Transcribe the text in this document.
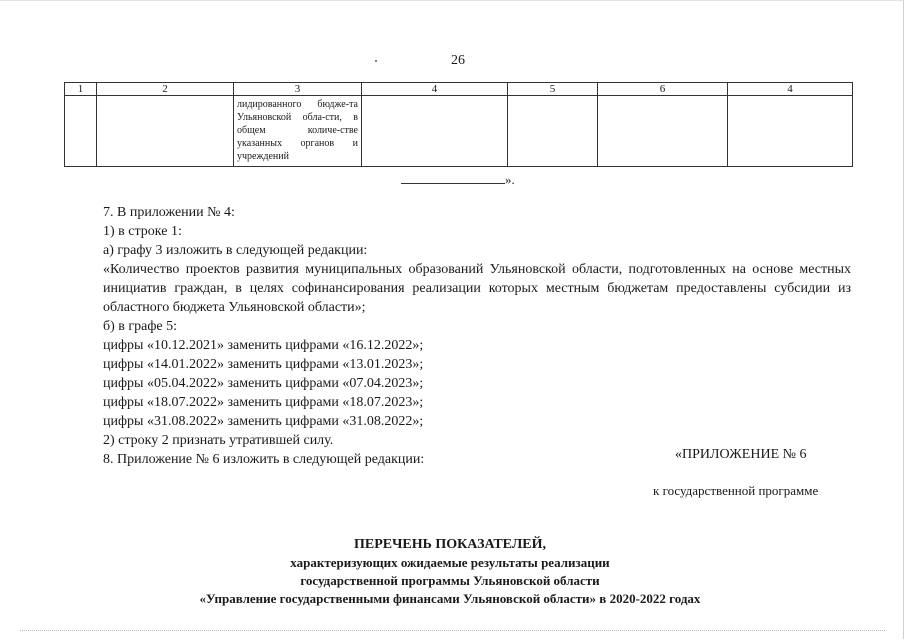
26
1	2	3	4	5	6	4

		лидированного бюдже-та Ульяновской обла-сти, в общем количе-стве указанных органов и учреждений				

».

7. В приложении № 4:

1) в строке 1:

а) графу 3 изложить в следующей редакции:

«Количество проектов развития муниципальных образований Ульяновской области, подготовленных на основе местных инициатив граждан, в целях софинансирования реализации которых местным бюджетам предоставлены субсидии из областного бюджета Ульяновской области»;

б) в графе 5:

цифры «10.12.2021» заменить цифрами «16.12.2022»;

цифры «14.01.2022» заменить цифрами «13.01.2023»;

цифры «05.04.2022» заменить цифрами «07.04.2023»;

цифры «18.07.2022» заменить цифрами «18.07.2023»;

цифры «31.08.2022» заменить цифрами «31.08.2022»;

2) строку 2 признать утратившей силу.

8. Приложение № 6 изложить в следующей редакции:	«ПРИЛОЖЕНИЕ № 6
к государственной программе
ПЕРЕЧЕНЬ ПОКАЗАТЕЛЕЙ,
характеризующих ожидаемые результаты реализации
государственной программы Ульяновской области
«Управление государственными финансами Ульяновской области» в 2020-2022 годах
